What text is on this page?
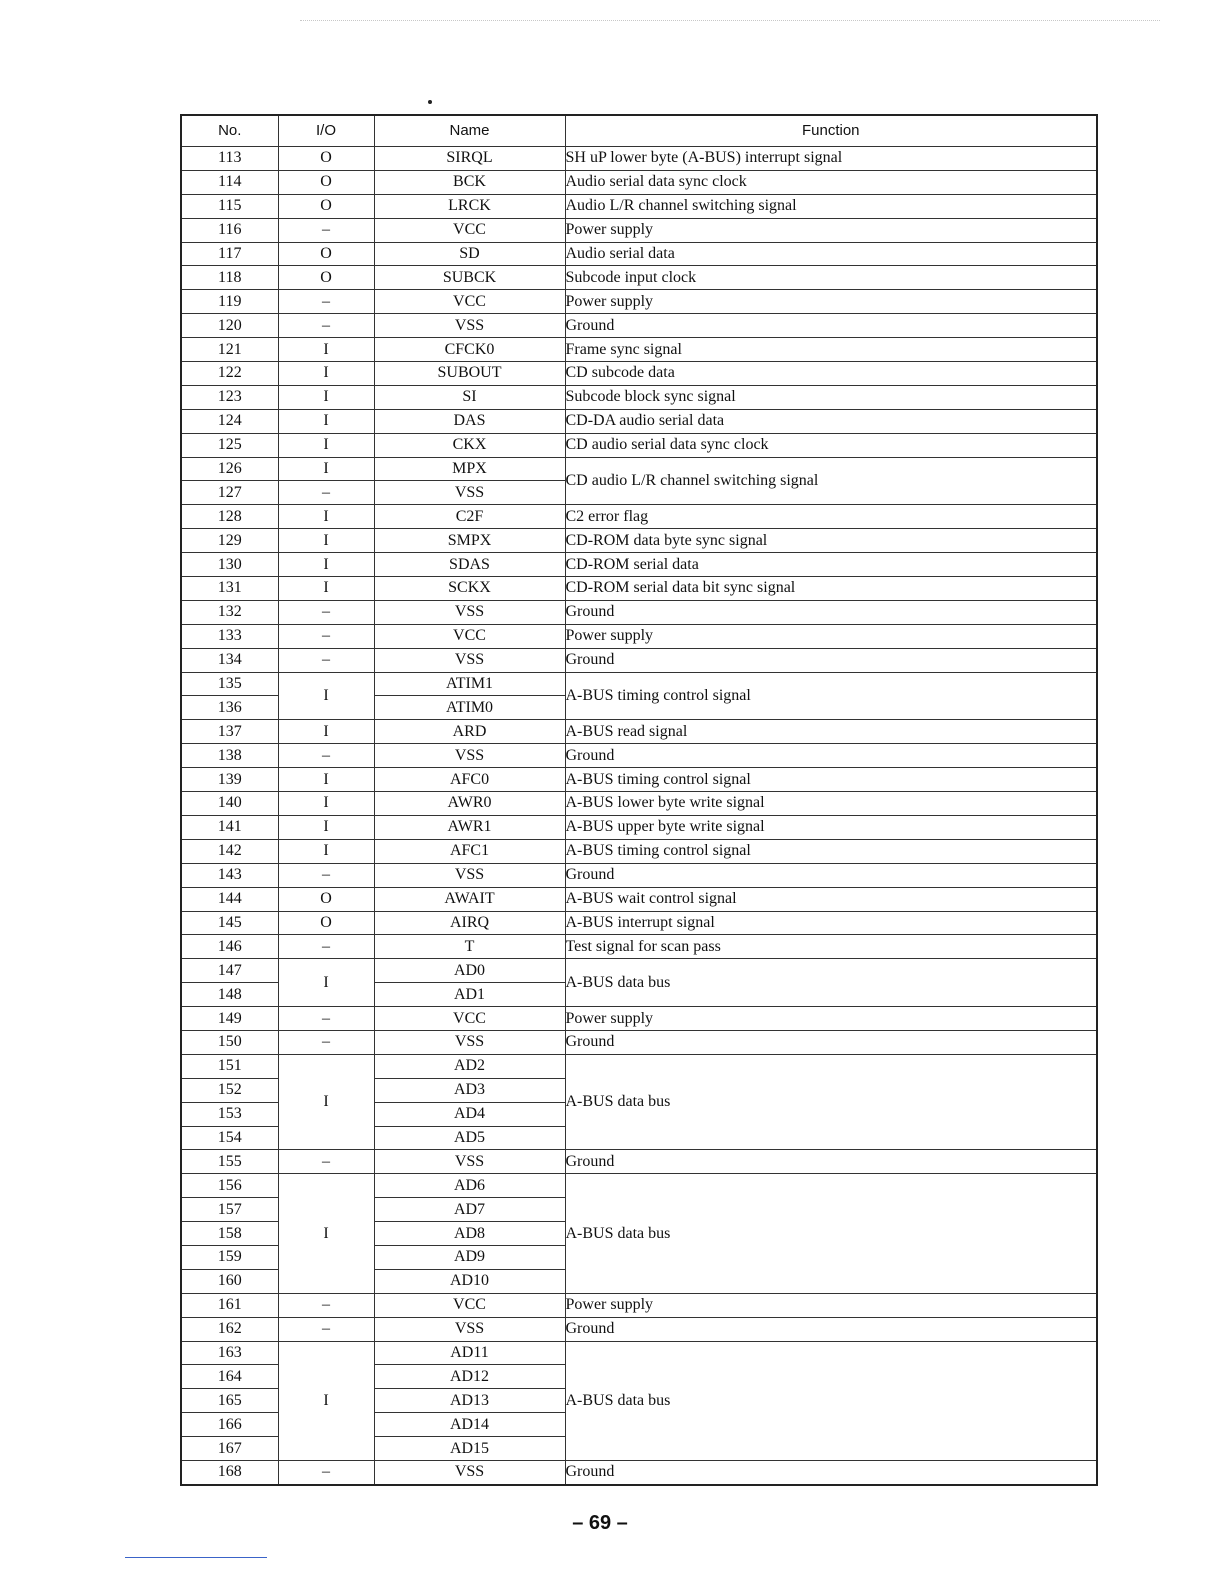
No.	I/O	Name	Function
113	O	SIRQL	SH uP lower byte (A-BUS) interrupt signal
114	O	BCK	Audio serial data sync clock
115	O	LRCK	Audio L/R channel switching signal
116	–	VCC	Power supply
117	O	SD	Audio serial data
118	O	SUBCK	Subcode input clock
119	–	VCC	Power supply
120	–	VSS	Ground
121	I	CFCK0	Frame sync signal
122	I	SUBOUT	CD subcode data
123	I	SI	Subcode block sync signal
124	I	DAS	CD-DA audio serial data
125	I	CKX	CD audio serial data sync clock
126	I	MPX	CD audio L/R channel switching signal
127	–	VSS	
128	I	C2F	C2 error flag
129	I	SMPX	CD-ROM data byte sync signal
130	I	SDAS	CD-ROM serial data
131	I	SCKX	CD-ROM serial data bit sync signal
132	–	VSS	Ground
133	–	VCC	Power supply
134	–	VSS	Ground
135	I	ATIM1	A-BUS timing control signal
136		ATIM0	
137	I	ARD	A-BUS read signal
138	–	VSS	Ground
139	I	AFC0	A-BUS timing control signal
140	I	AWR0	A-BUS lower byte write signal
141	I	AWR1	A-BUS upper byte write signal
142	I	AFC1	A-BUS timing control signal
143	–	VSS	Ground
144	O	AWAIT	A-BUS wait control signal
145	O	AIRQ	A-BUS interrupt signal
146	–	T	Test signal for scan pass
147	I	AD0	A-BUS data bus
148		AD1	
149	–	VCC	Power supply
150	–	VSS	Ground
151	I	AD2	A-BUS data bus
152		AD3	
153		AD4	
154		AD5	
155	–	VSS	Ground
156	I	AD6	A-BUS data bus
157		AD7	
158		AD8	
159		AD9	
160		AD10	
161	–	VCC	Power supply
162	–	VSS	Ground
163	I	AD11	A-BUS data bus
164		AD12	
165		AD13	
166		AD14	
167		AD15	
168	–	VSS	Ground
– 69 –
